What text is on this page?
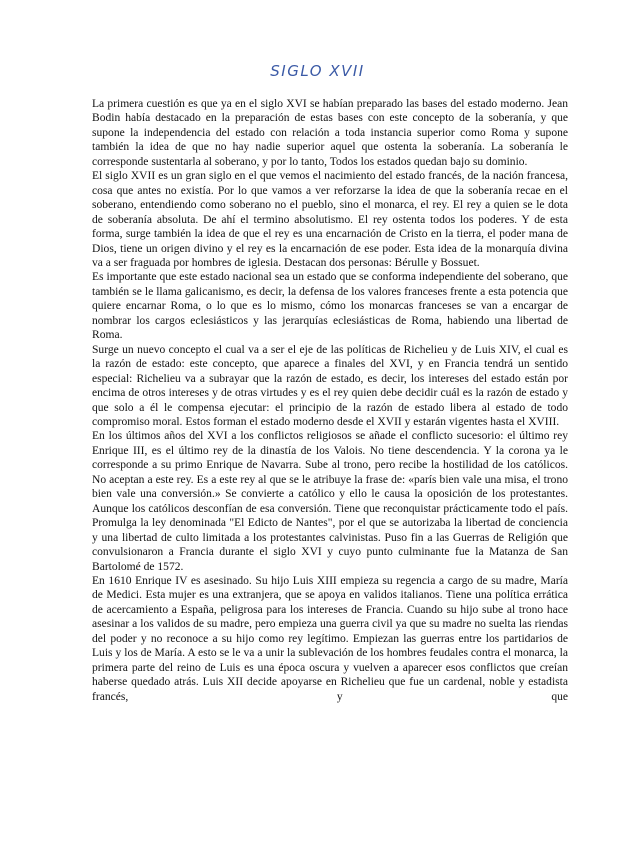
SIGLO XVII

La primera cuestión es que ya en el siglo XVI se habían preparado las bases del estado moderno. Jean Bodin había destacado en la preparación de estas bases con este concepto de la soberanía, y que supone la independencia del estado con relación a toda instancia superior como Roma y supone también la idea de que no hay nadie superior aquel que ostenta la soberanía. La soberanía le corresponde sustentarla al soberano, y por lo tanto, Todos los estados quedan bajo su dominio.

El siglo XVII es un gran siglo en el que vemos el nacimiento del estado francés, de la nación francesa, cosa que antes no existía. Por lo que vamos a ver reforzarse la idea de que la soberanía recae en el soberano, entendiendo como soberano no el pueblo, sino el monarca, el rey. El rey a quien se le dota de soberanía absoluta. De ahí el termino absolutismo. El rey ostenta todos los poderes. Y de esta forma, surge también la idea de que el rey es una encarnación de Cristo en la tierra, el poder mana de Dios, tiene un origen divino y el rey es la encarnación de ese poder. Esta idea de la monarquía divina va a ser fraguada por hombres de iglesia. Destacan dos personas: Bérulle y Bossuet.

Es importante que este estado nacional sea un estado que se conforma independiente del soberano, que también se le llama galicanismo, es decir, la defensa de los valores franceses frente a esta potencia que quiere encarnar Roma, o lo que es lo mismo, cómo los monarcas franceses se van a encargar de nombrar los cargos eclesiásticos y las jerarquías eclesiásticas de Roma, habiendo una libertad de Roma.

Surge un nuevo concepto el cual va a ser el eje de las políticas de Richelieu y de Luis XIV, el cual es la razón de estado: este concepto, que aparece a finales del XVI, y en Francia tendrá un sentido especial: Richelieu va a subrayar que la razón de estado, es decir, los intereses del estado están por encima de otros intereses y de otras virtudes y es el rey quien debe decidir cuál es la razón de estado y que solo a él le compensa ejecutar: el principio de la razón de estado libera al estado de todo compromiso moral. Estos forman el estado moderno desde el XVII y estarán vigentes hasta el XVIII.

En los últimos años del XVI a los conflictos religiosos se añade el conflicto sucesorio: el último rey Enrique III, es el último rey de la dinastía de los Valois. No tiene descendencia. Y la corona ya le corresponde a su primo Enrique de Navarra. Sube al trono, pero recibe la hostilidad de los católicos. No aceptan a este rey. Es a este rey al que se le atribuye la frase de: «parís bien vale una misa, el trono bien vale una conversión.» Se convierte a católico y ello le causa la oposición de los protestantes. Aunque los católicos desconfían de esa conversión. Tiene que reconquistar prácticamente todo el país. Promulga la ley denominada "El Edicto de Nantes", por el que se autorizaba la libertad de conciencia y una libertad de culto limitada a los protestantes calvinistas. Puso fin a las Guerras de Religión que convulsionaron a Francia durante el siglo XVI y cuyo punto culminante fue la Matanza de San Bartolomé de 1572.

En 1610 Enrique IV es asesinado. Su hijo Luis XIII empieza su regencia a cargo de su madre, María de Medici. Esta mujer es una extranjera, que se apoya en validos italianos. Tiene una política errática de acercamiento a España, peligrosa para los intereses de Francia. Cuando su hijo sube al trono hace asesinar a los validos de su madre, pero empieza una guerra civil ya que su madre no suelta las riendas del poder y no reconoce a su hijo como rey legítimo. Empiezan las guerras entre los partidarios de Luis y los de María. A esto se le va a unir la sublevación de los hombres feudales contra el monarca, la primera parte del reino de Luis es una época oscura y vuelven a aparecer esos conflictos que creían haberse quedado atrás. Luis XII decide apoyarse en Richelieu que fue un cardenal, noble y estadista francés, y que
